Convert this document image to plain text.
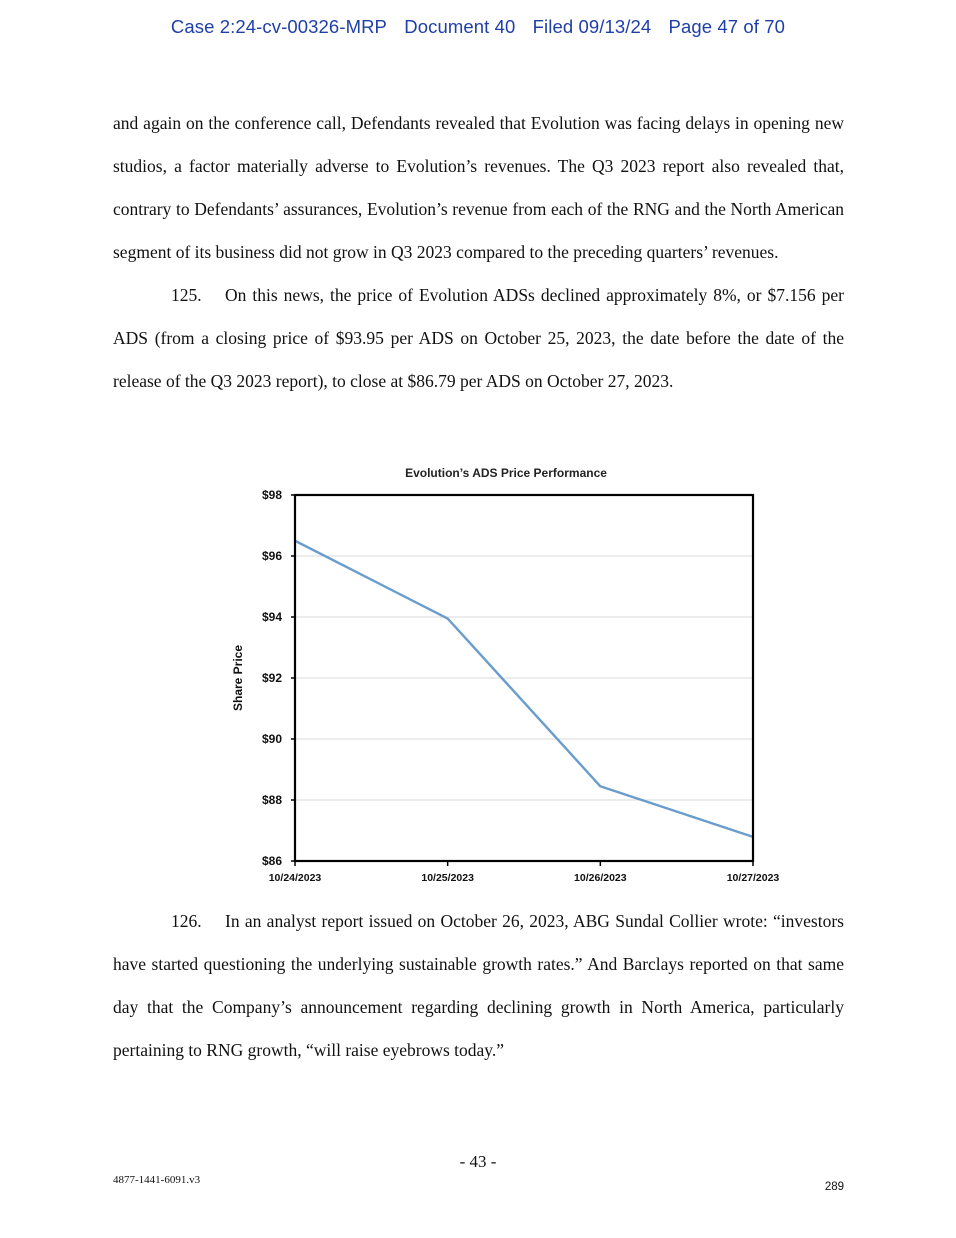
Case 2:24-cv-00326-MRP Document 40 Filed 09/13/24 Page 47 of 70

and again on the conference call, Defendants revealed that Evolution was facing delays in opening new studios, a factor materially adverse to Evolution’s revenues. The Q3 2023 report also revealed that, contrary to Defendants’ assurances, Evolution’s revenue from each of the RNG and the North American segment of its business did not grow in Q3 2023 compared to the preceding quarters’ revenues.

125. On this news, the price of Evolution ADSs declined approximately 8%, or $7.156 per ADS (from a closing price of $93.95 per ADS on October 25, 2023, the date before the date of the release of the Q3 2023 report), to close at $86.79 per ADS on October 27, 2023.

Evolution’s ADS Price Performance
$86
$88
$90
$92
$94
$96
$98
10/24/2023	10/25/2023	10/26/2023	10/27/2023
Share Price

126. In an analyst report issued on October 26, 2023, ABG Sundal Collier wrote: “investors have started questioning the underlying sustainable growth rates.” And Barclays reported on that same day that the Company’s announcement regarding declining growth in North America, particularly pertaining to RNG growth, “will raise eyebrows today.”

- 43 -
4877-1441-6091.v3
289
